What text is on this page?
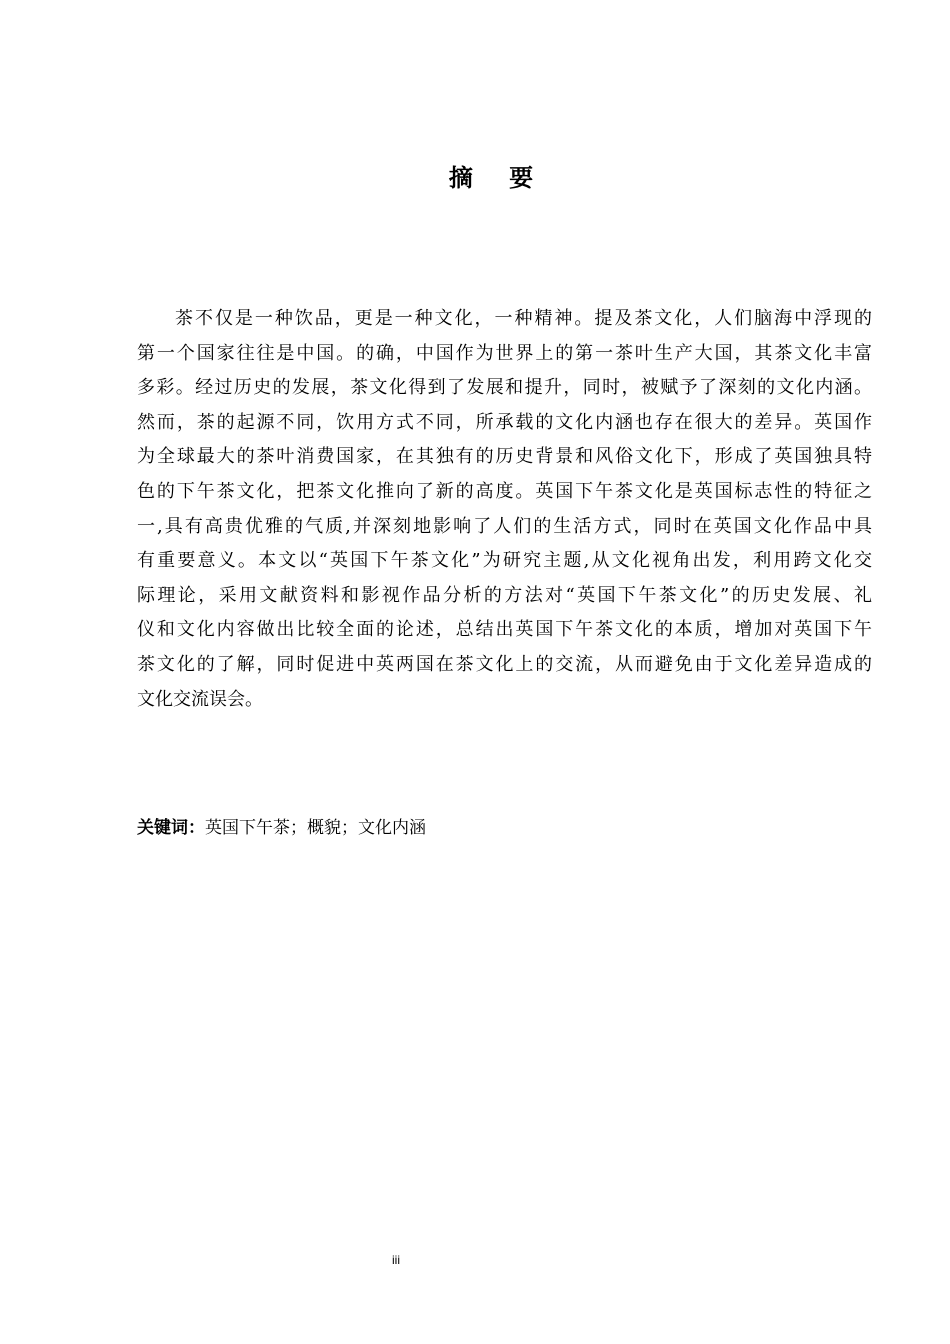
摘 要
茶不仅是一种饮品，更是一种文化，一种精神。提及茶文化，人们脑海中浮现的
第一个国家往往是中国。的确，中国作为世界上的第一茶叶生产大国，其茶文化丰富
多彩。经过历史的发展，茶文化得到了发展和提升，同时，被赋予了深刻的文化内涵。
然而，茶的起源不同，饮用方式不同，所承载的文化内涵也存在很大的差异。英国作
为全球最大的茶叶消费国家，在其独有的历史背景和风俗文化下，形成了英国独具特
色的下午茶文化，把茶文化推向了新的高度。英国下午茶文化是英国标志性的特征之
一,具有高贵优雅的气质,并深刻地影响了人们的生活方式，同时在英国文化作品中具
有重要意义。本文以“英国下午茶文化”为研究主题,从文化视角出发，利用跨文化交
际理论，采用文献资料和影视作品分析的方法对“英国下午茶文化”的历史发展、礼
仪和文化内容做出比较全面的论述，总结出英国下午茶文化的本质，增加对英国下午
茶文化的了解，同时促进中英两国在茶文化上的交流，从而避免由于文化差异造成的
文化交流误会。
关键词：英国下午茶；概貌；文化内涵
iii
